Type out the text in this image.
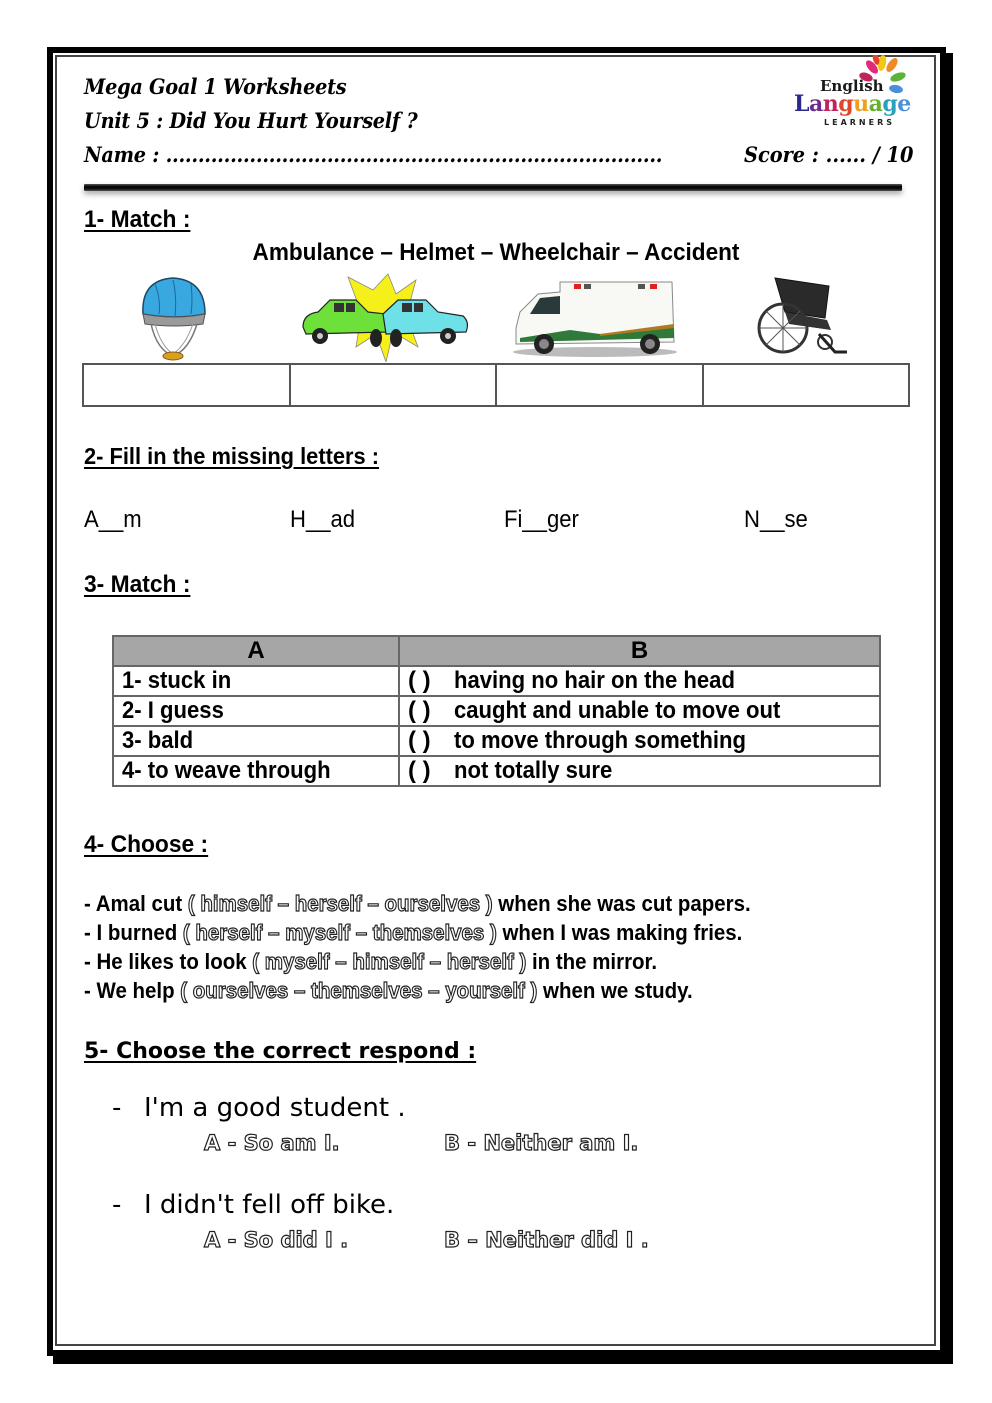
Mega Goal 1 Worksheets
Unit 5 : Did You Hurt Yourself ?
Name : .............................................................................	Score : ...... / 10
English
Language
LEARNERS
1- Match :
Ambulance – Helmet – Wheelchair – Accident

2- Fill in the missing letters :
A__m	H__ad	Fi__ger	N__se
3- Match :
A	B
1- stuck in	( ) having no hair on the head
2- I guess	( ) caught and unable to move out
3- bald	( ) to move through something
4- to weave through	( ) not totally sure
4- Choose :
- Amal cut ( himself – herself – ourselves ) when she was cut papers.
- I burned ( herself – myself – themselves ) when I was making fries.
- He likes to look ( myself – himself – herself ) in the mirror.
- We help ( ourselves – themselves – yourself ) when we study.
5- Choose the correct respond :
- I'm a good student .
A - So am I.	B - Neither am I.
- I didn't fell off bike.
A - So did I .	B – Neither did I .
